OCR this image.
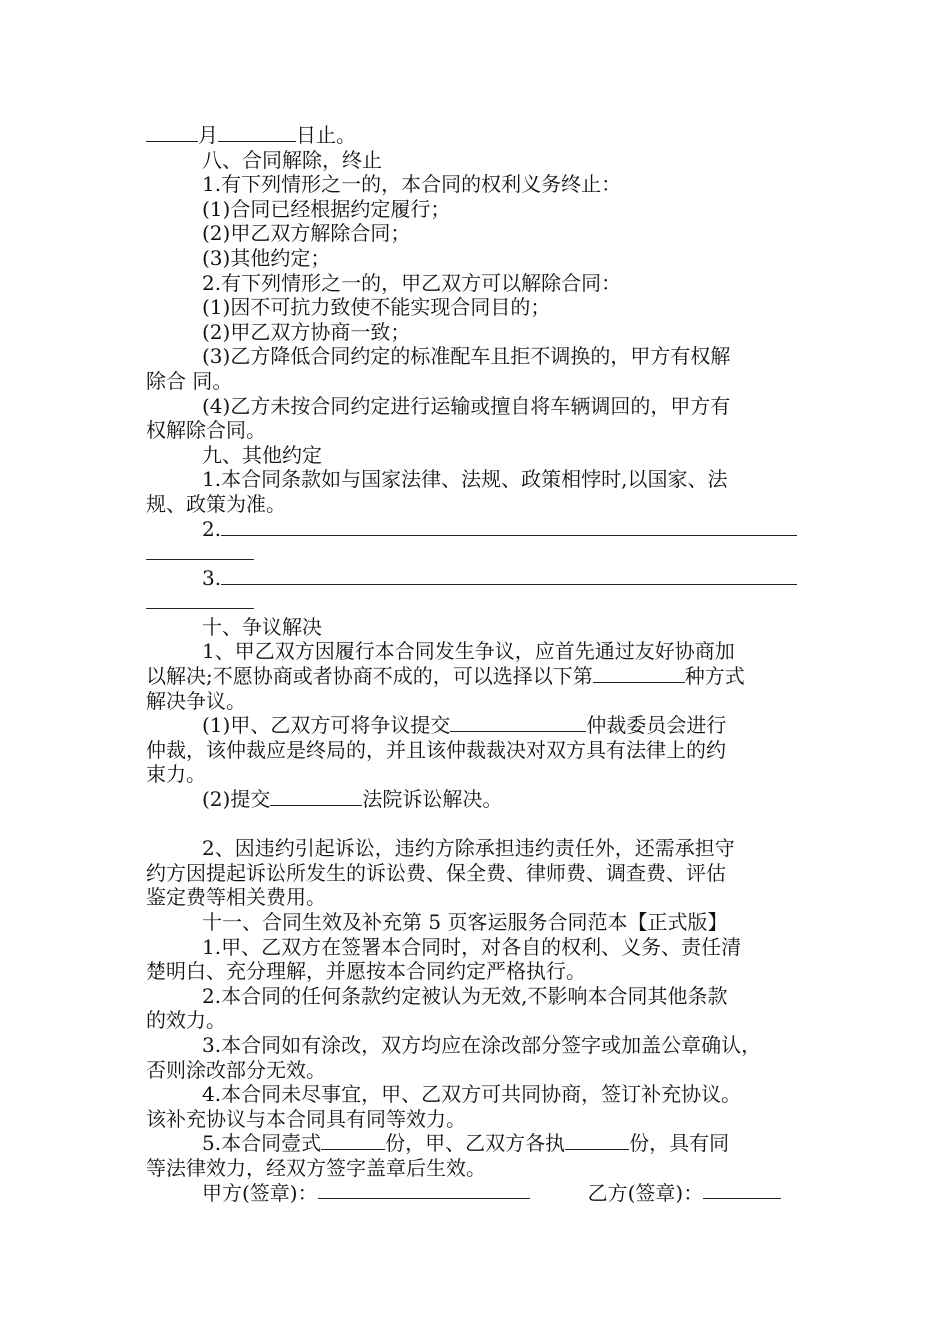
月	日止。
八、合同解除，终止
1.有下列情形之一的，本合同的权利义务终止：
(1)合同已经根据约定履行；
(2)甲乙双方解除合同；
(3)其他约定；
2.有下列情形之一的，甲乙双方可以解除合同：
(1)因不可抗力致使不能实现合同目的；
(2)甲乙双方协商一致；
(3)乙方降低合同约定的标准配车且拒不调换的，甲方有权解
除合 同。
(4)乙方未按合同约定进行运输或擅自将车辆调回的，甲方有
权解除合同。
九、其他约定
1.本合同条款如与国家法律、法规、政策相悖时,以国家、法
规、政策为准。
2.
3.
十、争议解决
1、甲乙双方因履行本合同发生争议，应首先通过友好协商加
以解决;不愿协商或者协商不成的，可以选择以下第	种方式
解决争议。
(1)甲、乙双方可将争议提交	仲裁委员会进行
仲裁，该仲裁应是终局的，并且该仲裁裁决对双方具有法律上的约
束力。
(2)提交	法院诉讼解决。
2、因违约引起诉讼，违约方除承担违约责任外，还需承担守
约方因提起诉讼所发生的诉讼费、保全费、律师费、调查费、评估
鉴定费等相关费用。
十一、合同生效及补充第 5 页客运服务合同范本【正式版】
1.甲、乙双方在签署本合同时，对各自的权利、义务、责任清
楚明白、充分理解，并愿按本合同约定严格执行。
2.本合同的任何条款约定被认为无效,不影响本合同其他条款
的效力。
3.本合同如有涂改，双方均应在涂改部分签字或加盖公章确认，
否则涂改部分无效。
4.本合同未尽事宜，甲、乙双方可共同协商，签订补充协议。
该补充协议与本合同具有同等效力。
5.本合同壹式	份，甲、乙双方各执	份，具有同
等法律效力，经双方签字盖章后生效。
甲方(签章)：	乙方(签章)：
